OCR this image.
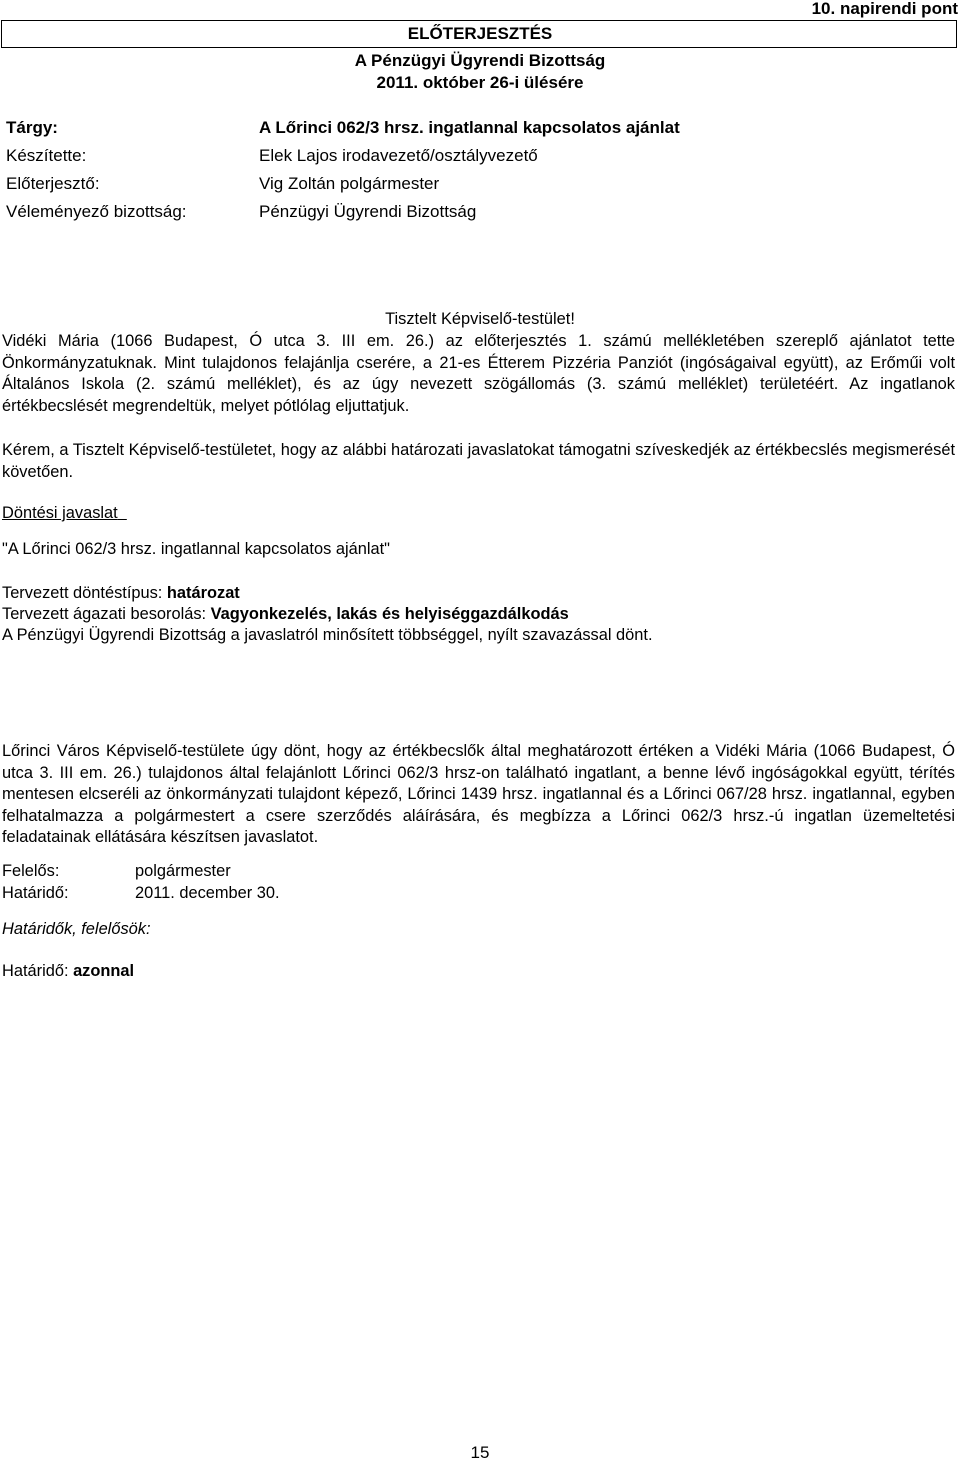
10. napirendi pont
ELŐTERJESZTÉS
A Pénzügyi Ügyrendi Bizottság
2011. október 26-i ülésére
Tárgy:	A Lőrinci 062/3 hrsz. ingatlannal kapcsolatos ajánlat
Készítette:	Elek Lajos irodavezető/osztályvezető
Előterjesztő:	Vig Zoltán polgármester
Véleményező bizottság:	Pénzügyi Ügyrendi Bizottság
Tisztelt Képviselő-testület!
Vidéki Mária (1066 Budapest, Ó utca 3. III em. 26.) az előterjesztés 1. számú mellékletében szereplő ajánlatot tette Önkormányzatuknak. Mint tulajdonos felajánlja cserére, a 21-es Étterem Pizzéria Panziót (ingóságaival együtt), az Erőműi volt Általános Iskola (2. számú melléklet), és az úgy nevezett szögállomás (3. számú melléklet) területéért. Az ingatlanok értékbecslését megrendeltük, melyet pótlólag eljuttatjuk.
Kérem, a Tisztelt Képviselő-testületet, hogy az alábbi határozati javaslatokat támogatni szíveskedjék az értékbecslés megismerését követően.
Döntési javaslat
"A Lőrinci 062/3 hrsz. ingatlannal kapcsolatos ajánlat"
Tervezett döntéstípus: határozat
Tervezett ágazati besorolás: Vagyonkezelés, lakás és helyiséggazdálkodás
A Pénzügyi Ügyrendi Bizottság a javaslatról minősített többséggel, nyílt szavazással dönt.
Lőrinci Város Képviselő-testülete úgy dönt, hogy az értékbecslők által meghatározott értéken a Vidéki Mária (1066 Budapest, Ó utca 3. III em. 26.) tulajdonos által felajánlott Lőrinci 062/3 hrsz-on található ingatlant, a benne lévő ingóságokkal együtt, térítés mentesen elcseréli az önkormányzati tulajdont képező, Lőrinci 1439 hrsz. ingatlannal és a Lőrinci 067/28 hrsz. ingatlannal, egyben felhatalmazza a polgármestert a csere szerződés aláírására, és megbízza a Lőrinci 062/3 hrsz.-ú ingatlan üzemeltetési feladatainak ellátására készítsen javaslatot.
Felelős:	polgármester
Határidő:	2011. december 30.
Határidők, felelősök:
Határidő: azonnal
15
